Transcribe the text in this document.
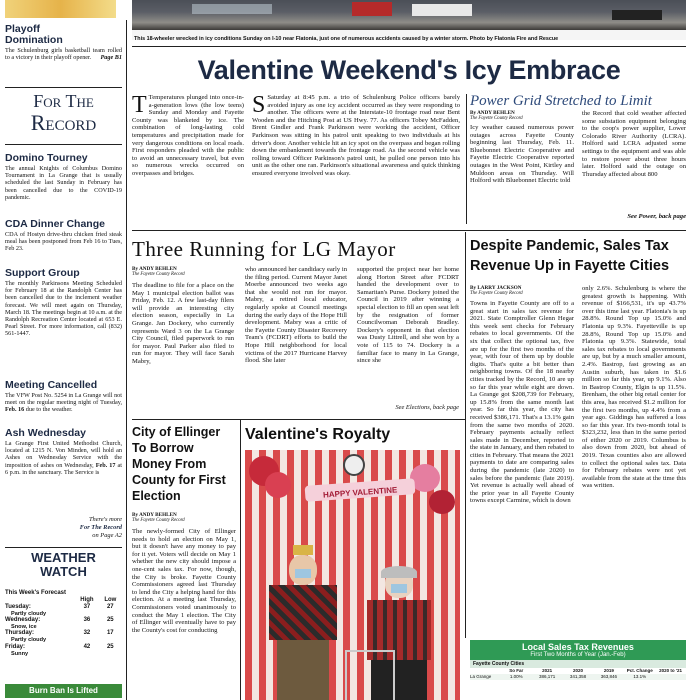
This 18-wheeler wrecked in icy conditions Sunday on I-10 near Flatonia, just one of numerous accidents caused by a winter storm. Photo by Flatonia Fire and Rescue
Playoff Domination
The Schulenburg girls basketball team rolled to a victory in their playoff opener. Page B1
For The
Record
Domino Tourney
The annual Knights of Columbus Domino Tournament in La Grange that is usually scheduled the last Sunday in February has been cancelled due to the COVID-19 pandemic.
CDA Dinner Change
CDA of Hostyn drive-thru chicken fried steak meal has been postponed from Feb 16 to Tues, Feb 23.
Support Group
The monthly Parkinsons Meeting Scheduled for February 18 at the Randolph Center has been cancelled due to the inclement weather forecast. We will meet again on Thursday, March 18. The meetings begin at 10 a.m. at the Randolph Recreation Center located at 653 E. Pearl Street. For more information, call (832) 561-1447.
Meeting Cancelled
The VFW Post No. 5254 in La Grange will not meet on the regular meeting night of Tuesday, Feb. 16 due to the weather.
Ash Wednesday
La Grange First United Methodist Church, located at 1215 N. Von Minden, will hold an Ashes on Wednesday Service with the imposition of ashes on Wednesday, Feb. 17 at 6 p.m. in the sanctuary. The Service is
There's more
For The Record
on Page A2
WEATHER
WATCH
This Week's Forecast
High	Low
Tuesday:	37	27
Partly cloudy
Wednesday:	36	25
Snow, ice
Thursday:	32	17
Partly cloudy
Friday:	42	25
Sunny
Burn Ban Is Lifted
Valentine Weekend's Icy Embrace
T Temperatures plunged into once-in-a-generation lows (the low teens) Sunday and Monday and Fayette County was blanketed by ice. The combination of long-lasting cold temperatures and precipitation made for very dangerous conditions on local roads. First responders pleaded with the public to avoid an unnecessary travel, but even so numerous wrecks occurred on overpasses and bridges.
S Saturday at 8:45 p.m. a trio of Schulenburg Police officers barely avoided injury as one icy accident occurred as they were responding to another. The officers were at the Interstate-10 frontage road near Bent Wooden and the Hitching Post at US Hwy. 77. As officers Tobey McFadden, Brent Gindler and Frank Parkinson were working the accident, Officer Parkinson was sitting in his patrol unit speaking to two individuals at his driver's door. Another vehicle hit an icy spot on the overpass and began rolling down the embankment towards the frontage road. As the second vehicle was rolling toward Officer Parkinson's patrol unit, he pulled one person into his unit as the other one ran. Parkinson's situational awareness and quick thinking ensured everyone involved was okay.
Power Grid Stretched to Limit
By ANDY BEHLEN
The Fayette County Record
Icy weather caused numerous power outages across Fayette County beginning last Thursday, Feb. 11. Bluebonnet Electric Cooperative and Fayette Electric Cooperative reported outages in the West Point, Kirtley and Muldoon areas on Thursday. Will Holford with Bluebonnet Electric told
the Record that cold weather affected some substation equipment belonging to the coop's power supplier, Lower Colorado River Authority (LCRA). Holford said LCRA adjusted some settings to the equipment and was able to restore power about three hours later. Holford said the outage on Thursday affected about 800
See Power, back page
Three Running for LG Mayor
By ANDY BEHLEN
The Fayette County Record
The deadline to file for a place on the May 1 municipal election ballot was Friday, Feb. 12. A few last-day filers will provide an interesting city election season, especially in La Grange. Jan Dockery, who currently represents Ward 3 on the La Grange City Council, filed paperwork to run for mayor. Paul Parker also filed to run for mayor. They will face Sarah Mabry,
who announced her candidacy early in the filing period. Current Mayor Janet Moerbe announced two weeks ago that she would not run for mayor. Mabry, a retired local educator, regularly spoke at Council meetings during the early days of the Hope Hill development. Mabry was a critic of the Fayette County Disaster Recovery Team's (FCDRT) efforts to build the Hope Hill neighborhood for local victims of the 2017 Hurricane Harvey flood. She later
supported the project near her home along Horton Street after FCDRT handed the development over to Samaritan's Purse. Dockery joined the Council in 2019 after winning a special election to fill an open seat left by the resignation of former Councilwoman Deborah Bradley. Dockery's opponent in that election was Dusty Littrell, and she won by a vote of 115 to 74. Dockery is a familiar face to many in La Grange, since she
See Elections, back page
Despite Pandemic, Sales Tax Revenue Up in Fayette Cities
By LARRY JACKSON
The Fayette County Record
Towns in Fayette County are off to a great start in sales tax revenue for 2021. State Comptroller Glenn Hegar this week sent checks for February rebates to local governments. Of the six that collect the optional tax, five are up for the first two months of the year, with four of them up by double digits. That's quite a bit better than neighboring towns. Of the 18 nearby cities tracked by the Record, 10 are up so far this year while eight are down. La Grange got $208,739 for February, up 15.8% from the same month last year. So far this year, the city has received $386,171. That's a 13.1% gain from the same two months of 2020. February payments actually reflect sales made in December, reported to the state in January, and then rebated to cities in February. That means the 2021 payments to date are comparing sales during the pandemic (late 2020) to sales before the pandemic (late 2019). Yet revenue is actually well ahead of the prior year in all Fayette County towns except Carmine, which is down
only 2.6%. Schulenburg is where the greatest growth is happening. With revenue of $166,531, it's up 43.7% over this time last year. Flatonia's is up 28.8%. Round Top up 15.0% and Flatonia up 9.3%. Fayetteville is up 28.8%, Round Top up 15.0% and Flatonia up 9.3%. Statewide, total sales tax rebates to local governments are up, but by a much smaller amount, 2.4%. Bastrop, fast growing as an Austin suburb, has taken in $1.6 million so far this year, up 9.1%. Also in Bastrop County, Elgin is up 11.5%. Brenham, the other big retail center for this area, has received $1.2 million for the first two months, up 4.4% from a year ago. Giddings has suffered a loss so far this year. It's two-month total is $323,232, less than in the same period of either 2020 or 2019. Columbus is also down from 2020, but ahead of 2019. Texas counties also are allowed to collect the optional sales tax. Data for February rebates were not yet available from the state at the time this was written.
Local Sales Tax Revenues
First Two Months of Year (Jan.-Feb)
Fayette County Cities
So Far	2021	2020	2019	Pct. Change	2020 to '21
La Grange	1.00%	386,171	341,358	363,846	13.1%
City of Ellinger To Borrow Money From County for First Election
By ANDY BEHLEN
The Fayette County Record
The newly-formed City of Ellinger needs to hold an election on May 1, but it doesn't have any money to pay for it yet. Voters will decide on May 1 whether the new city should impose a one-cent sales tax. For now, though, the City is broke. Fayette County Commissioners agreed last Thursday to lend the City a helping hand for this election. At a meeting last Thursday, Commissioners voted unanimously to conduct the May 1 election. The City of Ellinger will eventually have to pay the County's cost for conducting
Valentine's Royalty
HAPPY VALENTINE
